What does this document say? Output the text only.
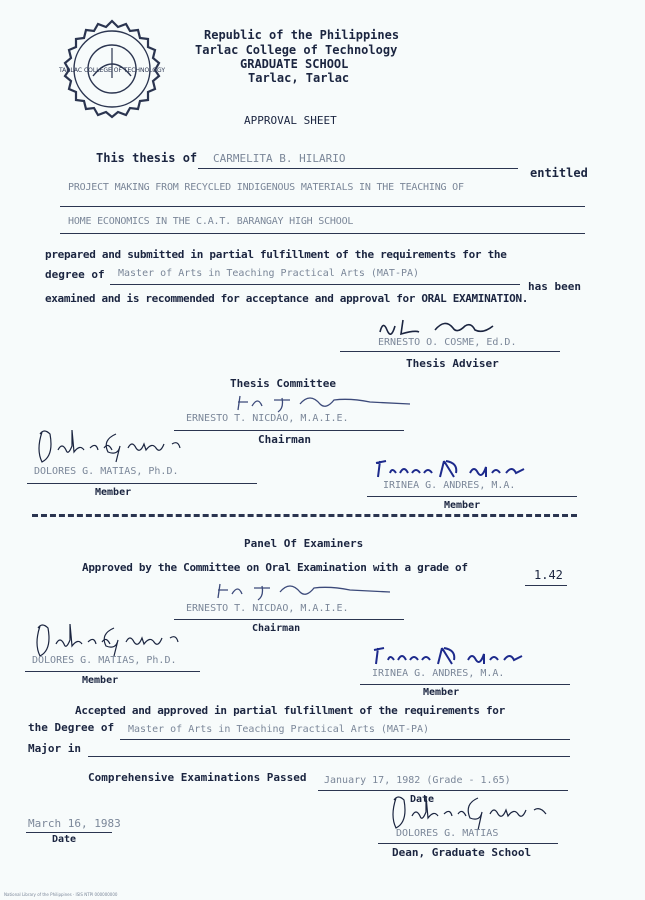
TARLAC COLLEGE OF TECHNOLOGY
Republic of the Philippines
Tarlac College of Technology
GRADUATE SCHOOL
Tarlac, Tarlac
APPROVAL SHEET
This thesis of CARMELITA B. HILARIO
entitled
PROJECT MAKING FROM RECYCLED INDIGENOUS MATERIALS IN THE TEACHING OF
HOME ECONOMICS IN THE C.A.T. BARANGAY HIGH SCHOOL
prepared and submitted in partial fulfillment of the requirements for the
degree of Master of Arts in Teaching Practical Arts (MAT-PA)
has been
examined and is recommended for acceptance and approval for ORAL EXAMINATION.
E.O. Cosme
ERNESTO O. COSME, Ed.D.
Thesis Adviser
Thesis Committee
E.T. Nicdao
ERNESTO T. NICDAO, M.A.I.E.
Chairman
Dolores G.Matias
DOLORES G. MATIAS, Ph.D.
Member
Irinea G. Andres
IRINEA G. ANDRES, M.A.
Member
Panel Of Examiners
Approved by the Committee on Oral Examination with a grade of
1.42
ERNESTO T. NICDAO, M.A.I.E.
Chairman
DOLORES G. MATIAS, Ph.D.
Member
IRINEA G. ANDRES, M.A.
Member
Accepted and approved in partial fulfillment of the requirements for
the Degree of Master of Arts in Teaching Practical Arts (MAT-PA)
Major in
Comprehensive Examinations Passed January 17, 1982 (Grade - 1.65)
Date
March 16, 1983
Date
DOLORES G. MATIAS
Dean, Graduate School
National Library of the Philippines · ISIS NTPI 000000000
